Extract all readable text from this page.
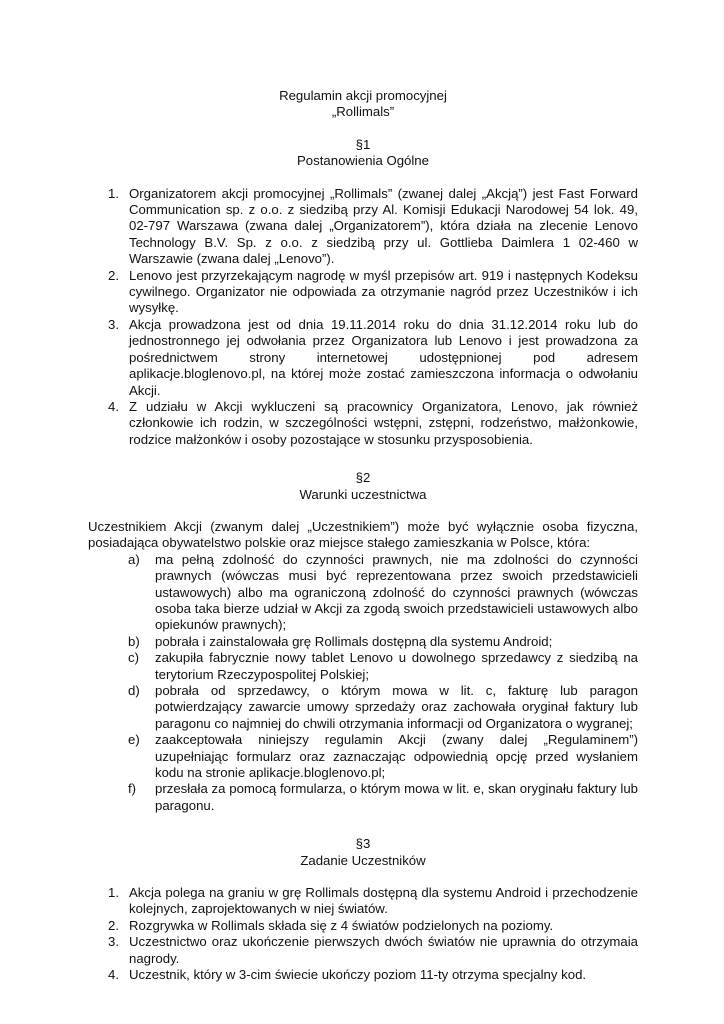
Regulamin akcji promocyjnej
„Rollimals”
§1
Postanowienia Ogólne
1. Organizatorem akcji promocyjnej „Rollimals” (zwanej dalej „Akcją”) jest Fast Forward Communication sp. z o.o. z siedzibą przy Al. Komisji Edukacji Narodowej 54 lok. 49, 02-797 Warszawa (zwana dalej „Organizatorem”), która działa na zlecenie Lenovo Technology B.V. Sp. z o.o. z siedzibą przy ul. Gottlieba Daimlera 1 02-460 w Warszawie (zwana dalej „Lenovo”).
2. Lenovo jest przyrzekającym nagrodę w myśl przepisów art. 919 i następnych Kodeksu cywilnego. Organizator nie odpowiada za otrzymanie nagród przez Uczestników i ich wysyłkę.
3. Akcja prowadzona jest od dnia 19.11.2014 roku do dnia 31.12.2014 roku lub do jednostronnego jej odwołania przez Organizatora lub Lenovo i jest prowadzona za pośrednictwem strony internetowej udostępnionej pod adresem aplikacje.bloglenovo.pl, na której może zostać zamieszczona informacja o odwołaniu Akcji.
4. Z udziału w Akcji wykluczeni są pracownicy Organizatora, Lenovo, jak również członkowie ich rodzin, w szczególności wstępni, zstępni, rodzeństwo, małżonkowie, rodzice małżonków i osoby pozostające w stosunku przysposobienia.
§2
Warunki uczestnictwa
Uczestnikiem Akcji (zwanym dalej „Uczestnikiem”) może być wyłącznie osoba fizyczna, posiadająca obywatelstwo polskie oraz miejsce stałego zamieszkania w Polsce, która:
a) ma pełną zdolność do czynności prawnych, nie ma zdolności do czynności prawnych (wówczas musi być reprezentowana przez swoich przedstawicieli ustawowych) albo ma ograniczoną zdolność do czynności prawnych (wówczas osoba taka bierze udział w Akcji za zgodą swoich przedstawicieli ustawowych albo opiekunów prawnych);
b) pobrała i zainstalowała grę Rollimals dostępną dla systemu Android;
c) zakupiła fabrycznie nowy tablet Lenovo u dowolnego sprzedawcy z siedzibą na terytorium Rzeczypospolitej Polskiej;
d) pobrała od sprzedawcy, o którym mowa w lit. c, fakturę lub paragon potwierdzający zawarcie umowy sprzedaży oraz zachowała oryginał faktury lub paragonu co najmniej do chwili otrzymania informacji od Organizatora o wygranej;
e) zaakceptowała niniejszy regulamin Akcji (zwany dalej „Regulaminem”) uzupełniając formularz oraz zaznaczając odpowiednią opcję przed wysłaniem kodu na stronie aplikacje.bloglenovo.pl;
f) przesłała za pomocą formularza, o którym mowa w lit. e, skan oryginału faktury lub paragonu.
§3
Zadanie Uczestników
1. Akcja polega na graniu w grę Rollimals dostępną dla systemu Android i przechodzenie kolejnych, zaprojektowanych w niej światów.
2. Rozgrywka w Rollimals składa się z 4 światów podzielonych na poziomy.
3. Uczestnictwo oraz ukończenie pierwszych dwóch światów nie uprawnia do otrzymaia nagrody.
4. Uczestnik, który w 3-cim świecie ukończy poziom 11-ty otrzyma specjalny kod.
